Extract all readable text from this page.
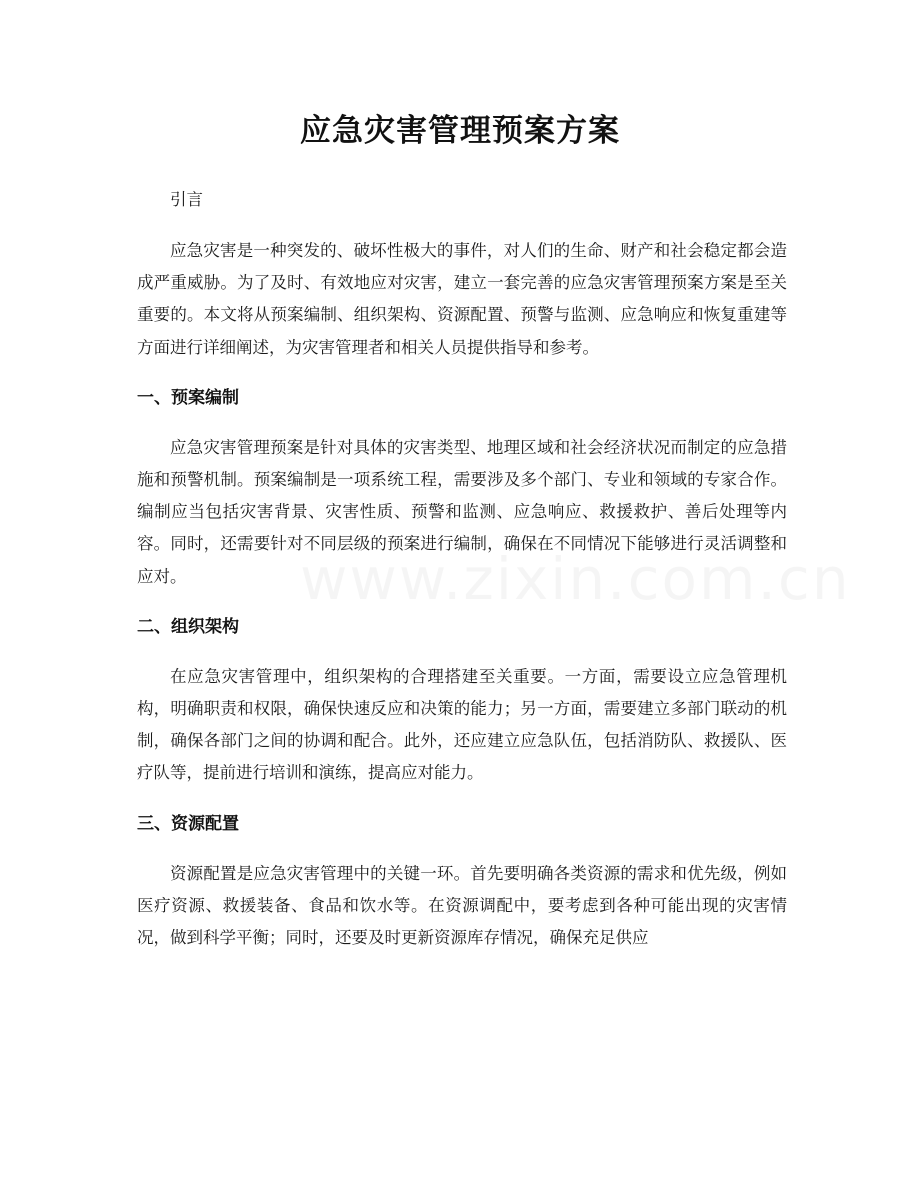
应急灾害管理预案方案

引言

应急灾害是一种突发的、破坏性极大的事件，对人们的生命、财产和社会稳定都会造成严重威胁。为了及时、有效地应对灾害，建立一套完善的应急灾害管理预案方案是至关重要的。本文将从预案编制、组织架构、资源配置、预警与监测、应急响应和恢复重建等方面进行详细阐述，为灾害管理者和相关人员提供指导和参考。

一、预案编制

应急灾害管理预案是针对具体的灾害类型、地理区域和社会经济状况而制定的应急措施和预警机制。预案编制是一项系统工程，需要涉及多个部门、专业和领域的专家合作。编制应当包括灾害背景、灾害性质、预警和监测、应急响应、救援救护、善后处理等内容。同时，还需要针对不同层级的预案进行编制，确保在不同情况下能够进行灵活调整和应对。

二、组织架构

在应急灾害管理中，组织架构的合理搭建至关重要。一方面，需要设立应急管理机构，明确职责和权限，确保快速反应和决策的能力；另一方面，需要建立多部门联动的机制，确保各部门之间的协调和配合。此外，还应建立应急队伍，包括消防队、救援队、医疗队等，提前进行培训和演练，提高应对能力。

三、资源配置

资源配置是应急灾害管理中的关键一环。首先要明确各类资源的需求和优先级，例如医疗资源、救援装备、食品和饮水等。在资源调配中，要考虑到各种可能出现的灾害情况，做到科学平衡；同时，还要及时更新资源库存情况，确保充足供应
